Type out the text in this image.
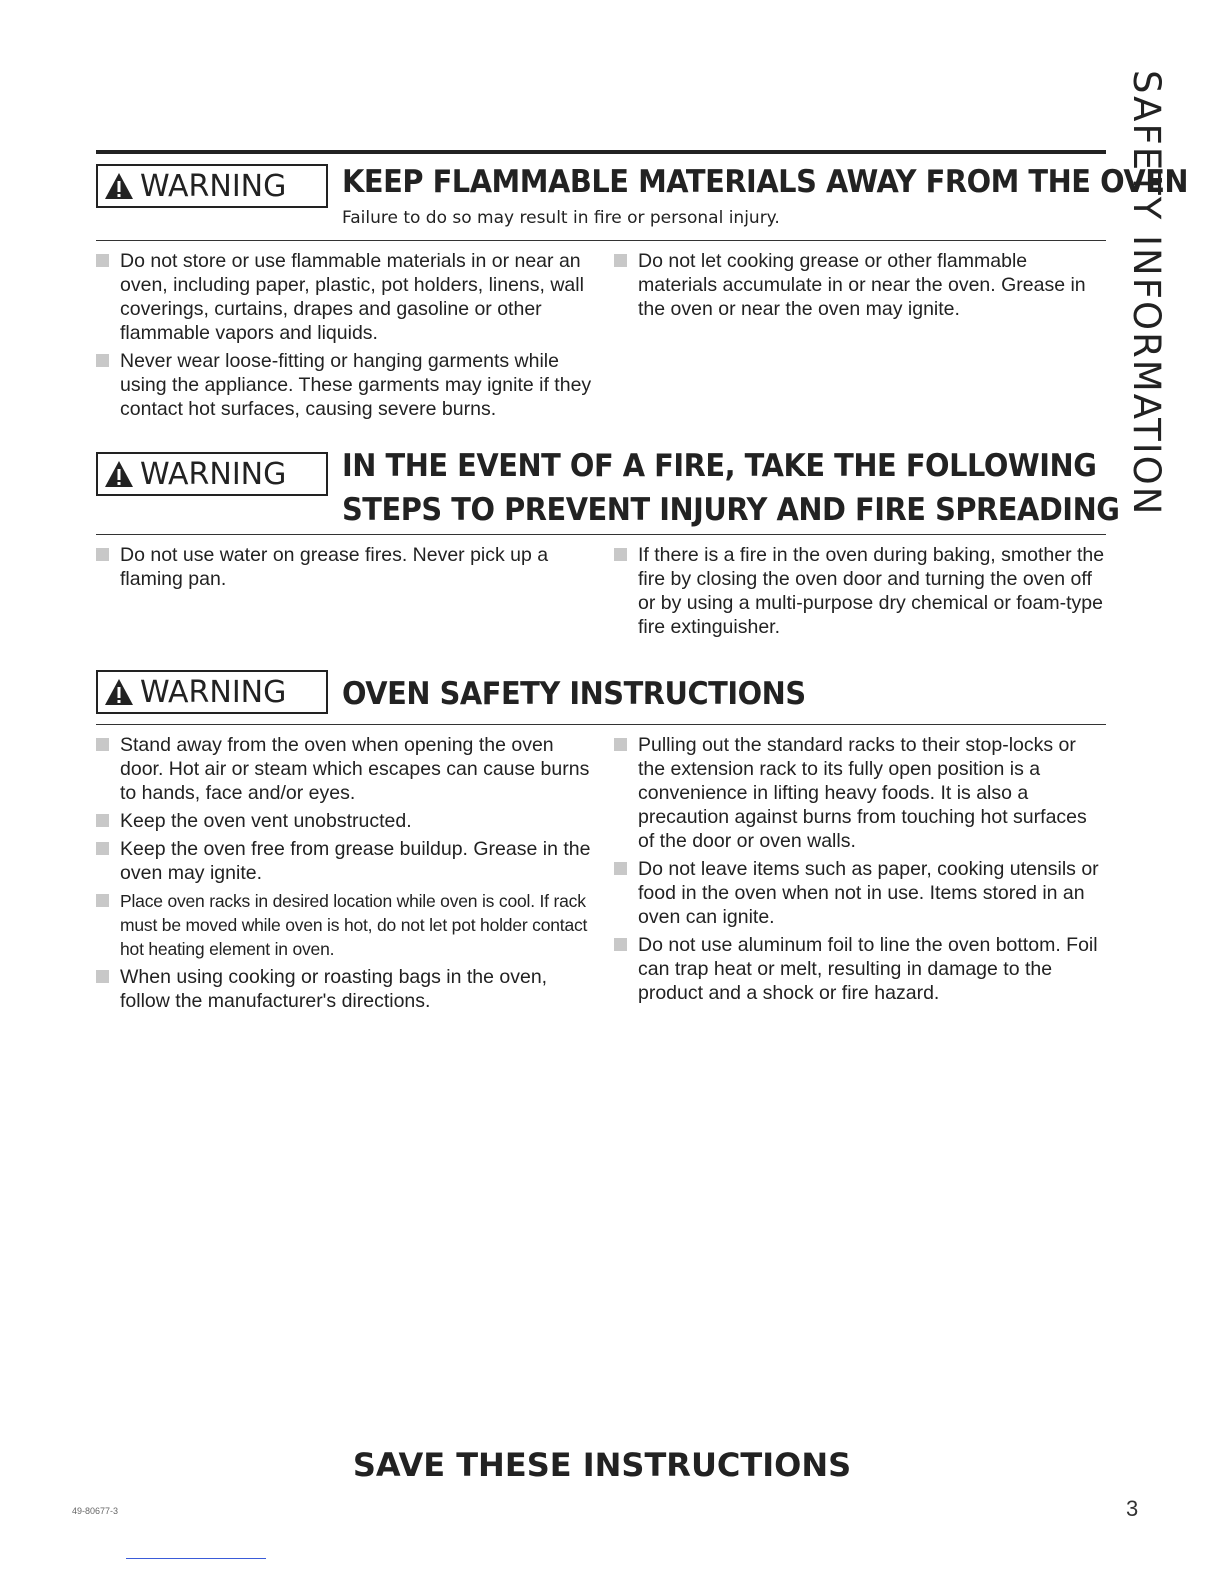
SAFETY INFORMATION
WARNING KEEP FLAMMABLE MATERIALS AWAY FROM THE OVEN
Failure to do so may result in fire or personal injury.
Do not store or use flammable materials in or near an oven, including paper, plastic, pot holders, linens, wall coverings, curtains, drapes and gasoline or other flammable vapors and liquids.
Never wear loose-fitting or hanging garments while using the appliance. These garments may ignite if they contact hot surfaces, causing severe burns.
Do not let cooking grease or other flammable materials accumulate in or near the oven. Grease in the oven or near the oven may ignite.
WARNING IN THE EVENT OF A FIRE, TAKE THE FOLLOWING
STEPS TO PREVENT INJURY AND FIRE SPREADING
Do not use water on grease fires. Never pick up a flaming pan.
If there is a fire in the oven during baking, smother the fire by closing the oven door and turning the oven off or by using a multi-purpose dry chemical or foam-type fire extinguisher.
WARNING OVEN SAFETY INSTRUCTIONS
Stand away from the oven when opening the oven door. Hot air or steam which escapes can cause burns to hands, face and/or eyes.
Keep the oven vent unobstructed.
Keep the oven free from grease buildup. Grease in the oven may ignite.
Place oven racks in desired location while oven is cool. If rack must be moved while oven is hot, do not let pot holder contact hot heating element in oven.
When using cooking or roasting bags in the oven, follow the manufacturer's directions.
Pulling out the standard racks to their stop-locks or the extension rack to its fully open position is a convenience in lifting heavy foods. It is also a precaution against burns from touching hot surfaces of the door or oven walls.
Do not leave items such as paper, cooking utensils or food in the oven when not in use. Items stored in an oven can ignite.
Do not use aluminum foil to line the oven bottom. Foil can trap heat or melt, resulting in damage to the product and a shock or fire hazard.
SAVE THESE INSTRUCTIONS
49-80677-3	3
